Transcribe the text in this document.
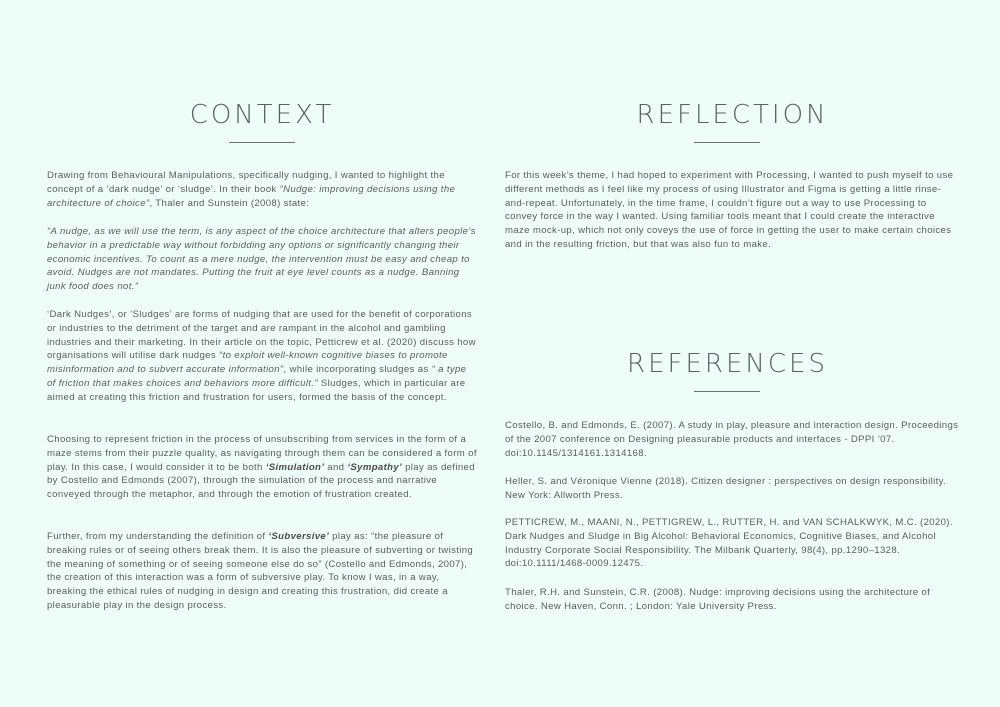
CONTEXT

Drawing from Behavioural Manipulations, specifically nudging, I wanted to highlight the concept of a ‘dark nudge’ or ‘sludge’. In their book “Nudge: improving decisions using the architecture of choice”, Thaler and Sunstein (2008) state:

“A nudge, as we will use the term, is any aspect of the choice architecture that alters people’s behavior in a predictable way without forbidding any options or significantly changing their economic incentives. To count as a mere nudge, the intervention must be easy and cheap to avoid. Nudges are not mandates. Putting the fruit at eye level counts as a nudge. Banning junk food does not.”

‘Dark Nudges’, or ‘Sludges’ are forms of nudging that are used for the benefit of corporations or industries to the detriment of the target and are rampant in the alcohol and gambling industries and their marketing. In their article on the topic, Petticrew et al. (2020) discuss how organisations will utilise dark nudges “to exploit well-known cognitive biases to promote misinformation and to subvert accurate information”, while incorporating sludges as “ a type of friction that makes choices and behaviors more difficult.” Sludges, which in particular are aimed at creating this friction and frustration for users, formed the basis of the concept.

Choosing to represent friction in the process of unsubscribing from services in the form of a maze stems from their puzzle quality, as navigating through them can be considered a form of play. In this case, I would consider it to be both ‘Simulation’ and ‘Sympathy’ play as defined by Costello and Edmonds (2007), through the simulation of the process and narrative conveyed through the metaphor, and through the emotion of frustration created.

Further, from my understanding the definition of ‘Subversive’ play as: “the pleasure of breaking rules or of seeing others break them. It is also the pleasure of subverting or twisting the meaning of something or of seeing someone else do so” (Costello and Edmonds, 2007), the creation of this interaction was a form of subversive play. To know I was, in a way, breaking the ethical rules of nudging in design and creating this frustration, did create a pleasurable play in the design process.

REFLECTION

For this week’s theme, I had hoped to experiment with Processing, I wanted to push myself to use different methods as I feel like my process of using Illustrator and Figma is getting a little rinse-and-repeat. Unfortunately, in the time frame, I couldn’t figure out a way to use Processing to convey force in the way I wanted. Using familiar tools meant that I could create the interactive maze mock-up, which not only coveys the use of force in getting the user to make certain choices and in the resulting friction, but that was also fun to make.

REFERENCES

Costello, B. and Edmonds, E. (2007). A study in play, pleasure and interaction design. Proceedings of the 2007 conference on Designing pleasurable products and interfaces - DPPI ’07. doi:10.1145/1314161.1314168.

Heller, S. and Véronique Vienne (2018). Citizen designer : perspectives on design responsibility. New York: Allworth Press.

PETTICREW, M., MAANI, N., PETTIGREW, L., RUTTER, H. and VAN SCHALKWYK, M.C. (2020). Dark Nudges and Sludge in Big Alcohol: Behavioral Economics, Cognitive Biases, and Alcohol Industry Corporate Social Responsibility. The Milbank Quarterly, 98(4), pp.1290–1328. doi:10.1111/1468-0009.12475.

Thaler, R.H. and Sunstein, C.R. (2008). Nudge: improving decisions using the architecture of choice. New Haven, Conn. ; London: Yale University Press.
